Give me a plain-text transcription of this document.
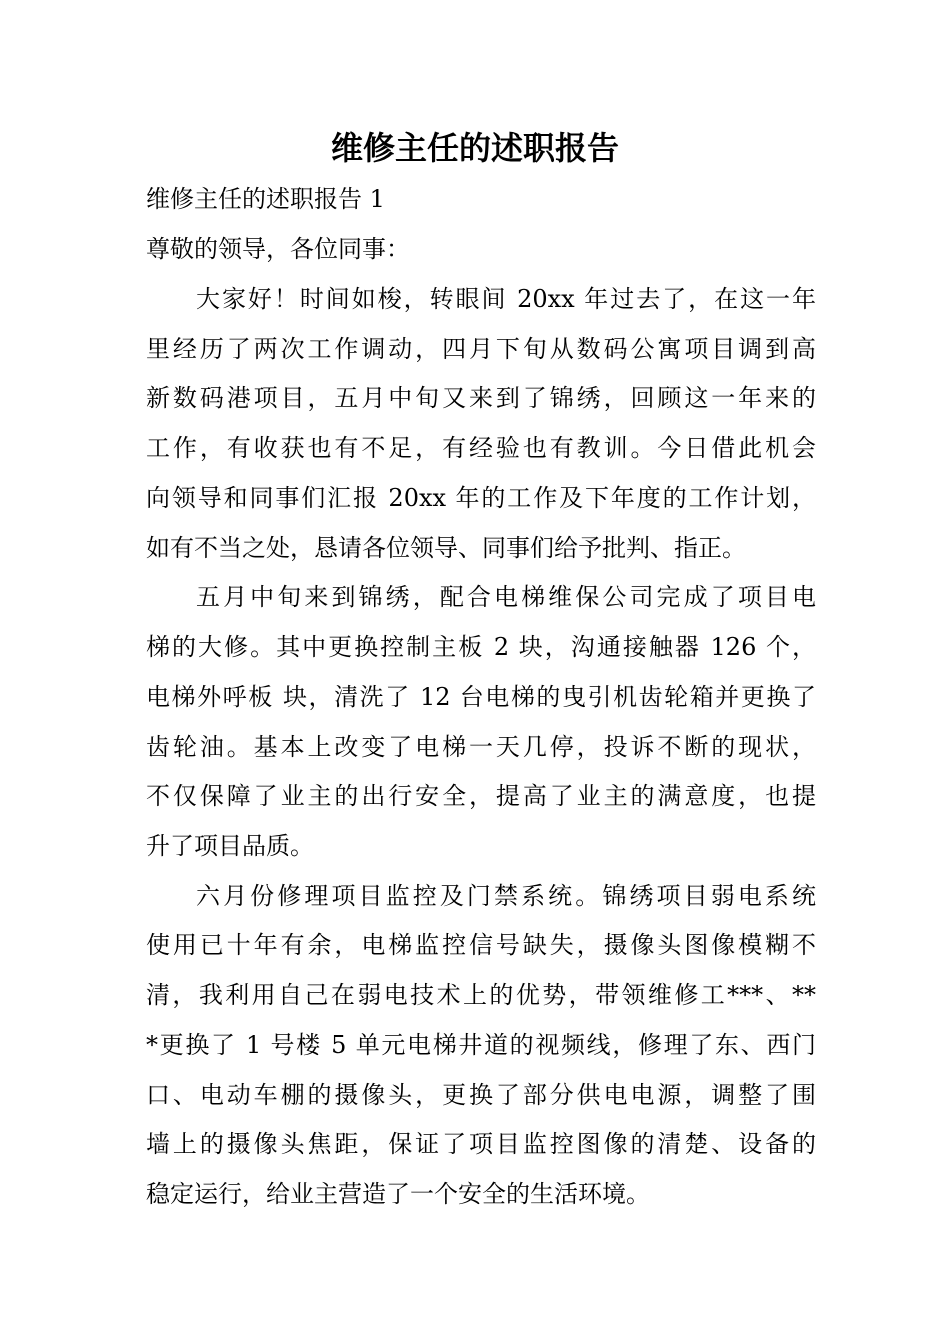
维修主任的述职报告
维修主任的述职报告 1
尊敬的领导，各位同事：
大家好！时间如梭，转眼间 20xx 年过去了，在这一年
里经历了两次工作调动，四月下旬从数码公寓项目调到高
新数码港项目，五月中旬又来到了锦绣，回顾这一年来的
工作，有收获也有不足，有经验也有教训。今日借此机会
向领导和同事们汇报 20xx 年的工作及下年度的工作计划，
如有不当之处，恳请各位领导、同事们给予批判、指正。
五月中旬来到锦绣，配合电梯维保公司完成了项目电
梯的大修。其中更换控制主板 2 块，沟通接触器 126 个，
电梯外呼板 块，清洗了 12 台电梯的曳引机齿轮箱并更换了
齿轮油。基本上改变了电梯一天几停，投诉不断的现状，
不仅保障了业主的出行安全，提高了业主的满意度，也提
升了项目品质。
六月份修理项目监控及门禁系统。锦绣项目弱电系统
使用已十年有余，电梯监控信号缺失，摄像头图像模糊不
清，我利用自己在弱电技术上的优势，带领维修工***、**
*更换了 1 号楼 5 单元电梯井道的视频线，修理了东、西门
口、电动车棚的摄像头，更换了部分供电电源，调整了围
墙上的摄像头焦距，保证了项目监控图像的清楚、设备的
稳定运行，给业主营造了一个安全的生活环境。
